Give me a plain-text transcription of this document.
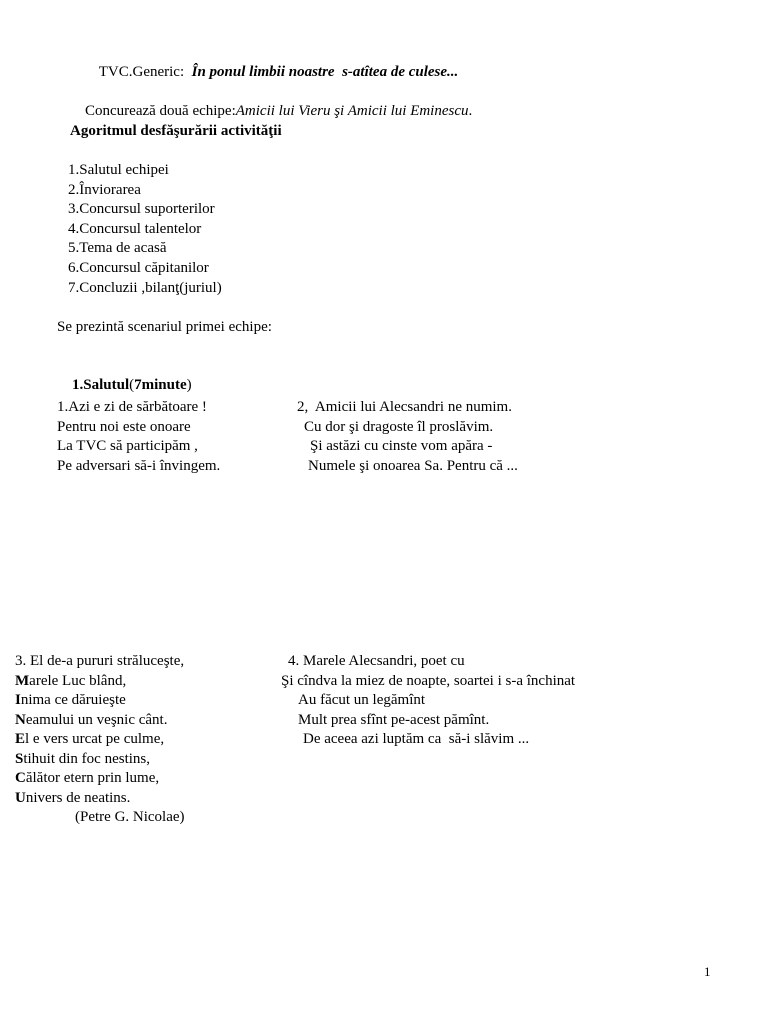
TVC.Generic: În ponul limbii noastre  s-atîtea de culese...

Concurează două echipe:Amicii lui Vieru şi Amicii lui Eminescu.

Agoritmul desfăşurării activităţii
1.Salutul echipei
2.Înviorarea
3.Concursul suporterilor
4.Concursul talentelor
5.Tema de acasă
6.Concursul căpitanilor
7.Concluzii ,bilanţ(juriul)
Se prezintă scenariul primei echipe:

1.Salutul(7minute)

1.Azi e zi de sărbătoare !
Pentru noi este onoare
La TVC să participăm ,
Pe adversari să-i învingem.
2,  Amicii lui Alecsandri ne numim.
Cu dor şi dragoste îl proslăvim.
Şi astăzi cu cinste vom apăra -
Numele şi onoarea Sa. Pentru că ...
3. El de-a pururi străluceşte,
Marele Luc blând,
Inima ce dăruieşte
Neamului un veşnic cânt.
El e vers urcat pe culme,
Stihuit din foc nestins,
Călător etern prin lume,
Univers de neatins.
(Petre G. Nicolae)
4. Marele Alecsandri, poet cu
Şi cîndva la miez de noapte, soartei i s-a închinat
Au făcut un legămînt
Mult prea sfînt pe-acest pămînt.
De aceea azi luptăm ca  să-i slăvim ...
1
